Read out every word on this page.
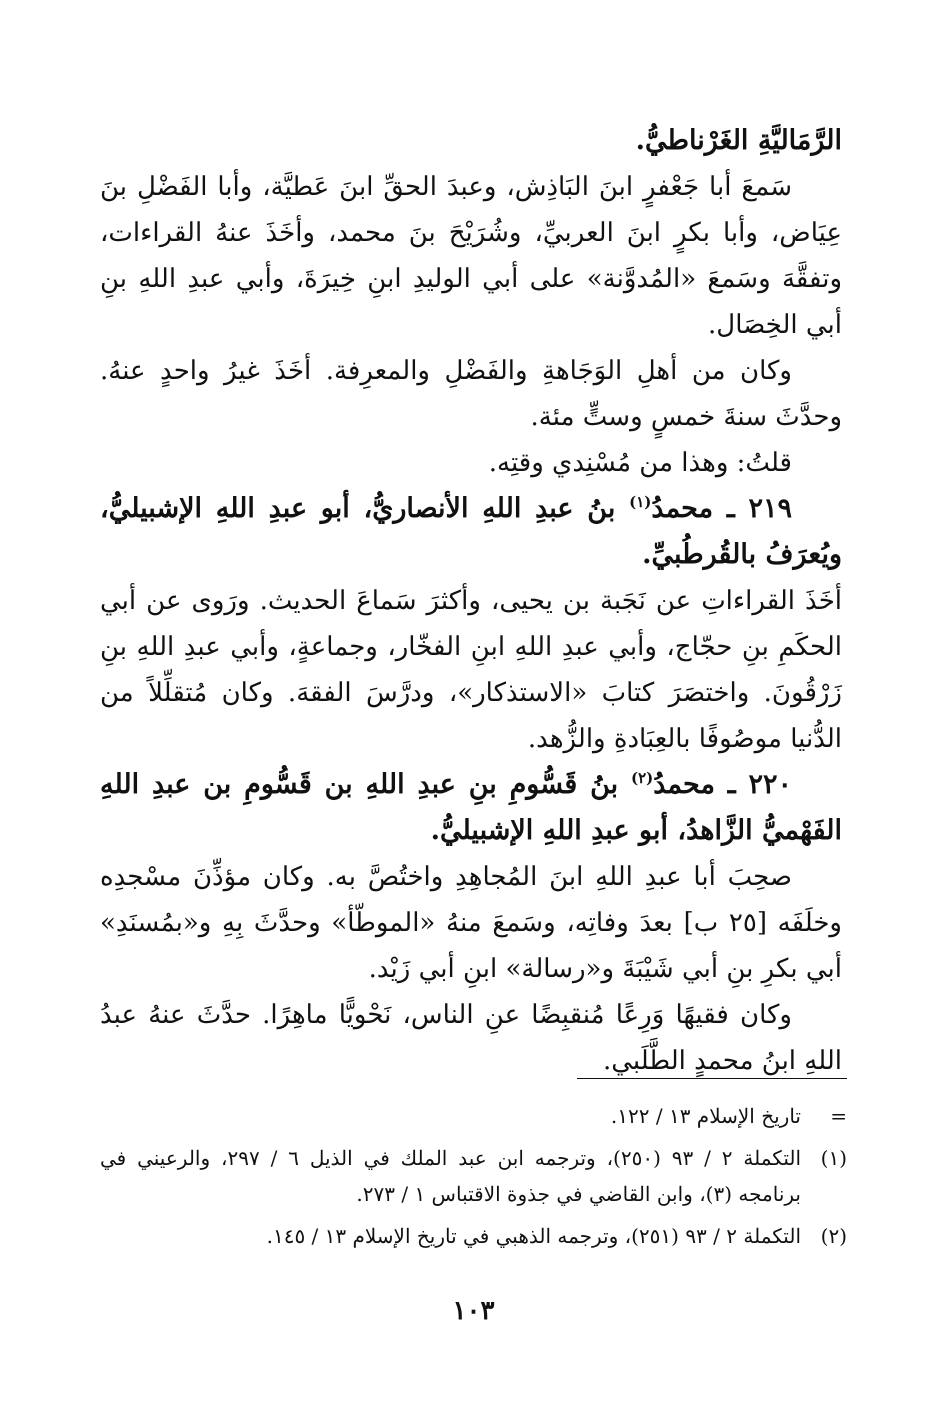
الرَّمَاليَّةِ الغَرْناطيُّ.

سَمعَ أبا جَعْفرٍ ابنَ البَاذِش، وعبدَ الحقِّ ابنَ عَطيَّة، وأبا الفَضْلِ بنَ عِيَاض، وأبا بكرٍ ابنَ العربيِّ، وشُرَيْحَ بنَ محمد، وأخَذَ عنهُ القراءات، وتفقَّهَ وسَمعَ «المُدوَّنة» على أبي الوليدِ ابنِ خِيرَةَ، وأبي عبدِ اللهِ بنِ أبي الخِصَال.

وكان من أهلِ الوَجَاهةِ والفَضْلِ والمعرِفة. أخَذَ غيرُ واحدٍ عنهُ. وحدَّثَ سنةَ خمسٍ وستٍّ مئة.

قلتُ: وهذا من مُسْنِدي وقتِه.

٢١٩ ـ محمدُ$^{(١)}$ بنُ عبدِ اللهِ الأنصاريُّ، أبو عبدِ اللهِ الإشبيليُّ، ويُعرَفُ بالقُرطُبيِّ.

أخَذَ القراءاتِ عن نَجَبة بن يحيى، وأكثرَ سَماعَ الحديث. ورَوى عن أبي الحكَمِ بنِ حجّاج، وأبي عبدِ اللهِ ابنِ الفخّار، وجماعةٍ، وأبي عبدِ اللهِ بنِ زَرْقُونَ. واختصَرَ كتابَ «الاستذكار»، ودرَّسَ الفقهَ. وكان مُتقلِّلاً من الدُّنيا موصُوفًا بالعِبَادةِ والزُّهد.

٢٢٠ ـ محمدُ$^{(٢)}$ بنُ قَسُّومِ بنِ عبدِ اللهِ بن قَسُّومِ بن عبدِ اللهِ الفَهْميُّ الزَّاهدُ، أبو عبدِ اللهِ الإشبيليُّ.

صحِبَ أبا عبدِ اللهِ ابنَ المُجاهِدِ واختُصَّ به. وكان مؤذِّنَ مسْجدِه وخلَفَه [٢٥ ب] بعدَ وفاتِه، وسَمعَ منهُ «الموطّأ» وحدَّثَ بِهِ و«بمُسنَدِ» أبي بكرِ بنِ أبي شَيْبَةَ و«رسالة» ابنِ أبي زَيْد.

وكان فقيهًا وَرِعًا مُنقبِضًا عنِ الناس، نَحْويًّا ماهِرًا. حدَّثَ عنهُ عبدُ اللهِ ابنُ محمدٍ الطَّلَبي.

=
تاريخ الإسلام ١٣ / ١٢٢.
(١)
التكملة ٢ / ٩٣ (٢٥٠)، وترجمه ابن عبد الملك في الذيل ٦ / ٢٩٧، والرعيني في برنامجه (٣)، وابن القاضي في جذوة الاقتباس ١ / ٢٧٣.
(٢)
التكملة ٢ / ٩٣ (٢٥١)، وترجمه الذهبي في تاريخ الإسلام ١٣ / ١٤٥.
١٠٣
